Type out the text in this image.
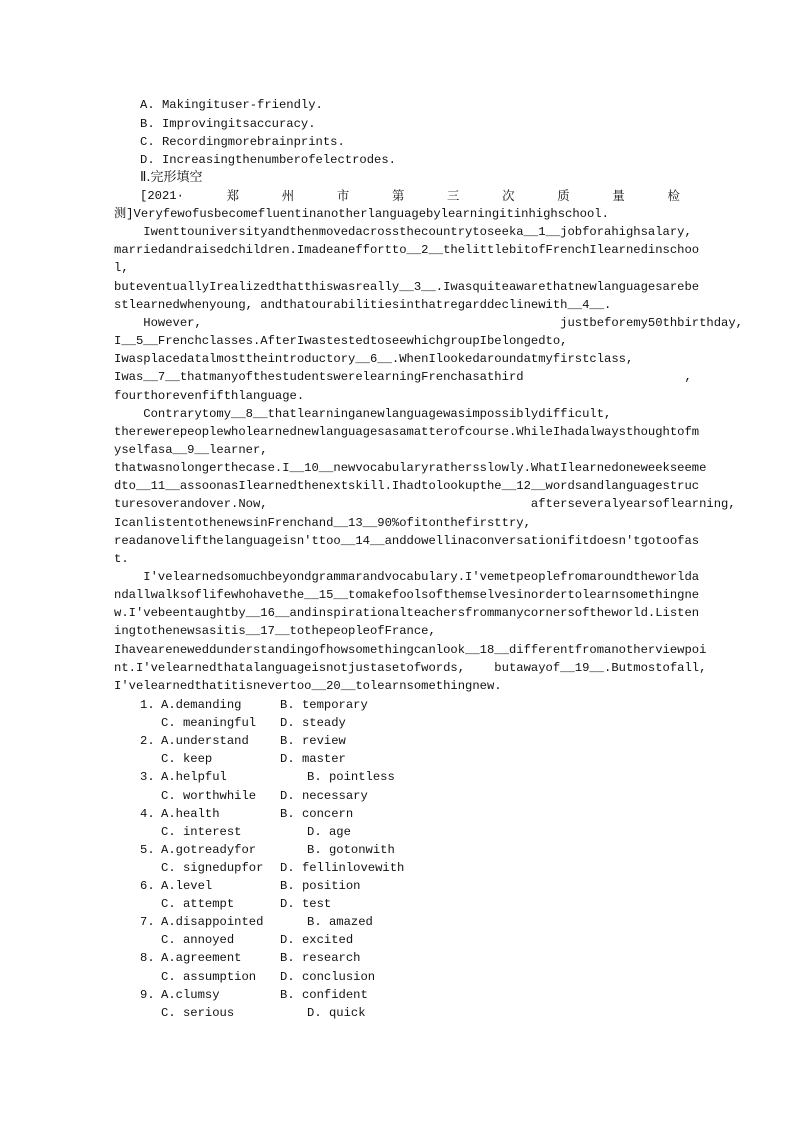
A. Makingituser-friendly.
B. Improvingitsaccuracy.
C. Recordingmorebrainprints.
D. Increasingthenumberofelectrodes.
Ⅱ.完形填空
[2021·	郑	州	市	第	三	次	质	量	检
测]Veryfewofusbecomefluentinanotherlanguagebylearningitinhighschool.
Iwenttouniversityandthenmovedacrossthecountrytoseeka__1__jobforahighsalary,
marriedandraisedchildren.Imadeaneffortto__2__thelittlebitofFrenchIlearnedinschoo
l,
buteventuallyIrealizedthatthiswasreally__3__.Iwasquiteawarethatnewlanguagesarebe
stlearnedwhenyoung, andthatourabilitiesinthatregarddeclinewith__4__.
However,                                                 justbeforemy50thbirthday,
I__5__Frenchclasses.AfterIwastestedtoseewhichgroupIbelongedto,
Iwasplacedatalmosttheintroductory__6__.WhenIlookedaroundatmyfirstclass,
Iwas__7__thatmanyofthestudentswerelearningFrenchasathird                      ,
fourthorevenfifthlanguage.
Contrarytomy__8__thatlearninganewlanguagewasimpossiblydifficult,
therewerepeoplewholearnednewlanguagesasamatterofcourse.WhileIhadalwaysthoughtofm
yselfasa__9__learner,
thatwasnolongerthecase.I__10__newvocabularyrathersslowly.WhatIlearnedoneweekseeme
dto__11__assoonasIlearnedthenextskill.Ihadtolookupthe__12__wordsandlanguagestruc
turesoverandover.Now,                                    afterseveralyearsoflearning,
IcanlistentothenewsinFrenchand__13__90%ofitonthefirsttry,
readanovelifthelanguageisn'ttoo__14__anddowellinaconversationifitdoesn'tgotoofas
t.
I'velearnedsomuchbeyondgrammarandvocabulary.I'vemetpeoplefromaroundtheworlda
ndallwalksoflifewhohavethe__15__tomakefoolsofthemselvesinordertolearnsomethingne
w.I'vebeentaughtby__16__andinspirationalteachersfrommanycornersoftheworld.Listen
ingtothenewsasitis__17__tothepeopleofFrance,
Ihaveareneweddunderstandingofhowsomethingcanlook__18__differentfromanotherviewpoi
nt.I'velearnedthatalanguageisnotjustasetofwords,    butawayof__19__.Butmostofall,
I'velearnedthatitisnevertoo__20__tolearnsomethingnew.
1. A.demanding	B. temporary
C. meaningful D. steady
2. A.understand	B. review
C. keep	D. master
3. A.helpful	B. pointless
C. worthwhile D. necessary
4. A.health	B. concern
C. interest	D. age
5. A.gotreadyfor	B. gotonwith
C. signedupfor D. fellinlovewith
6. A.level	B. position
C. attempt	D. test
7. A.disappointed	B. amazed
C. annoyed	D. excited
8. A.agreement	B. research
C. assumption D. conclusion
9. A.clumsy	B. confident
C. serious	D. quick
